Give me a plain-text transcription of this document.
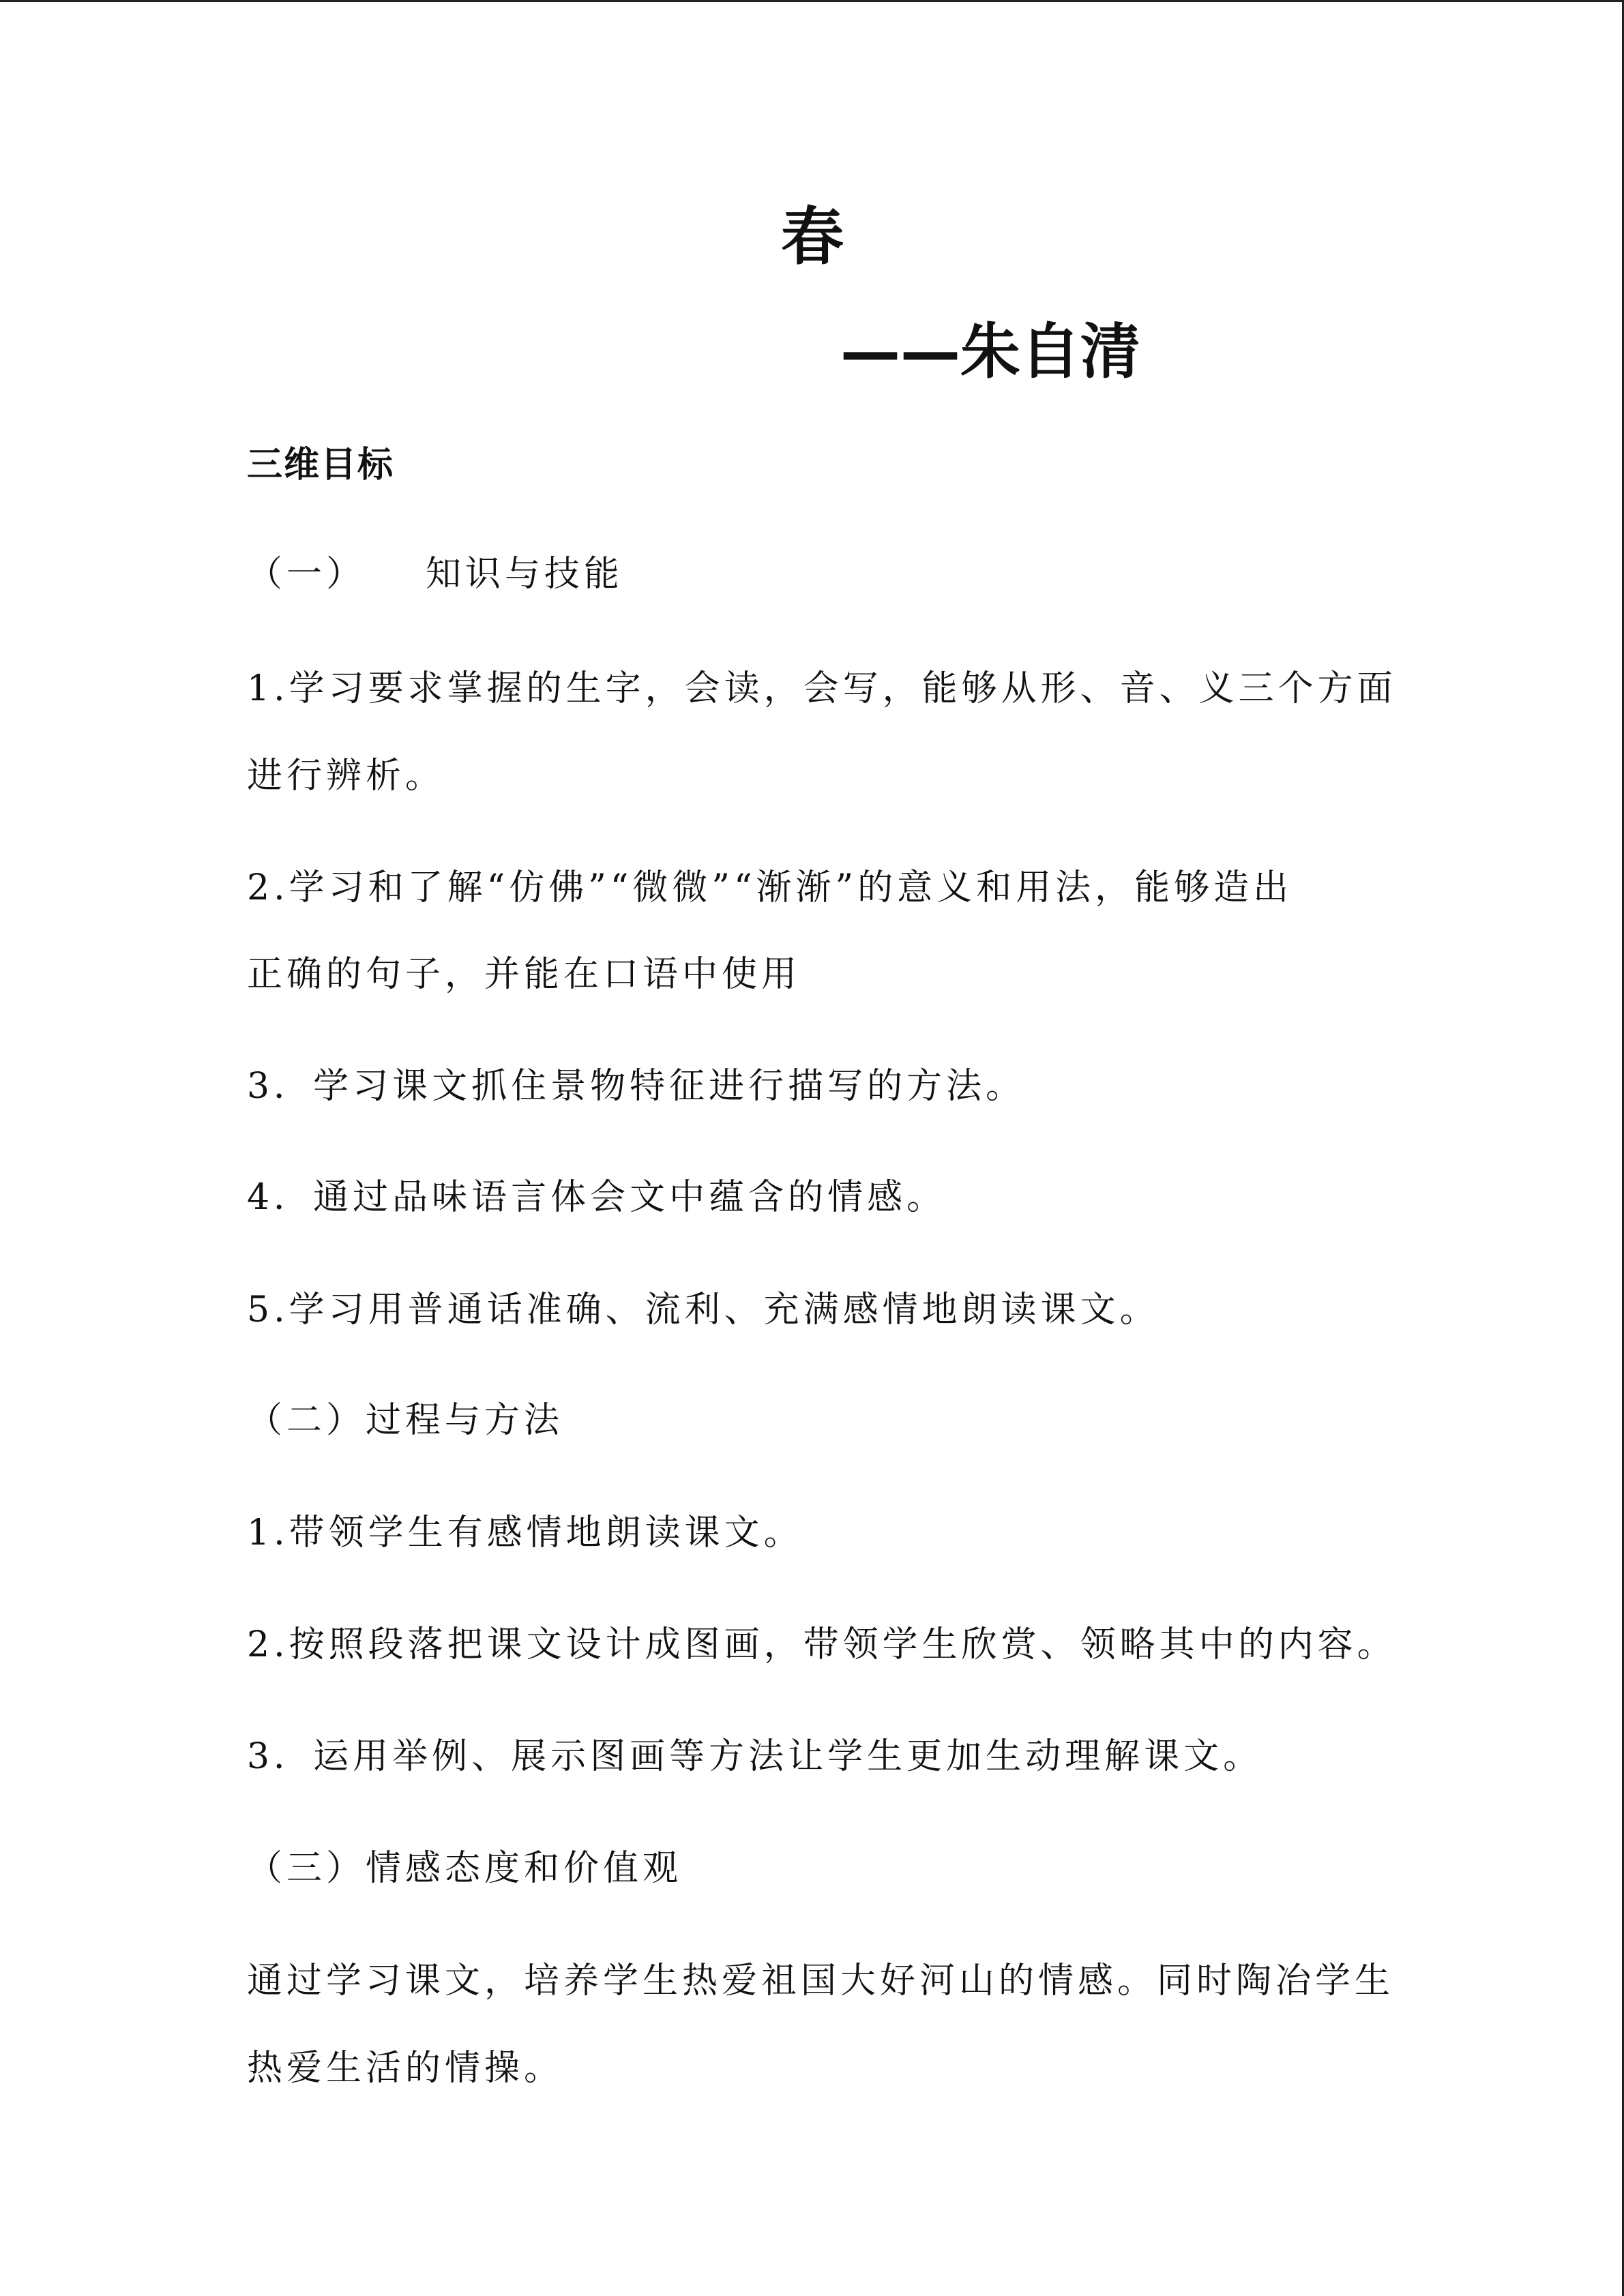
春
——朱自清
三维目标
（一） 知识与技能
1.学习要求掌握的生字，会读，会写，能够从形、音、义三个方面
进行辨析。
2.学习和了解“仿佛”“微微”“渐渐”的意义和用法，能够造出
正确的句子，并能在口语中使用
3．学习课文抓住景物特征进行描写的方法。
4．通过品味语言体会文中蕴含的情感。
5.学习用普通话准确、流利、充满感情地朗读课文。
（二）过程与方法
1.带领学生有感情地朗读课文。
2.按照段落把课文设计成图画，带领学生欣赏、领略其中的内容。
3．运用举例、展示图画等方法让学生更加生动理解课文。
（三）情感态度和价值观
通过学习课文，培养学生热爱祖国大好河山的情感。同时陶冶学生
热爱生活的情操。
